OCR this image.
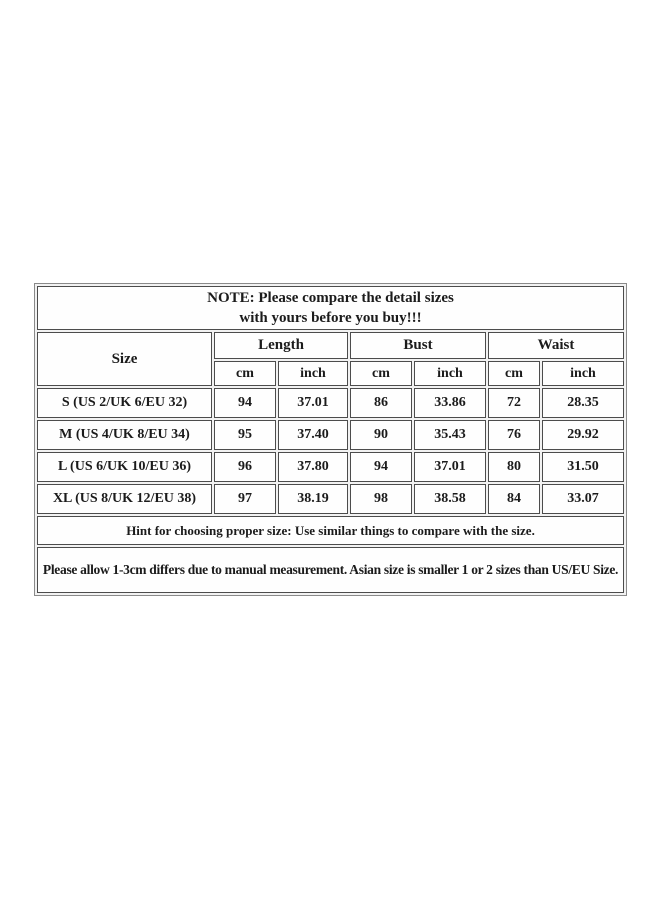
NOTE: Please compare the detail sizes
with yours before you buy!!!						

Size	Length		Bust		Waist	
	cm	inch	cm	inch	cm	inch
S (US 2/UK 6/EU 32)	94	37.01	86	33.86	72	28.35
M (US 4/UK 8/EU 34)	95	37.40	90	35.43	76	29.92
L (US 6/UK 10/EU 36)	96	37.80	94	37.01	80	31.50
XL (US 8/UK 12/EU 38)	97	38.19	98	38.58	84	33.07
Hint for choosing proper size: Use similar things to compare with the size.						
Please allow 1-3cm differs due to manual measurement. Asian size is smaller 1 or 2 sizes than US/EU Size.						
